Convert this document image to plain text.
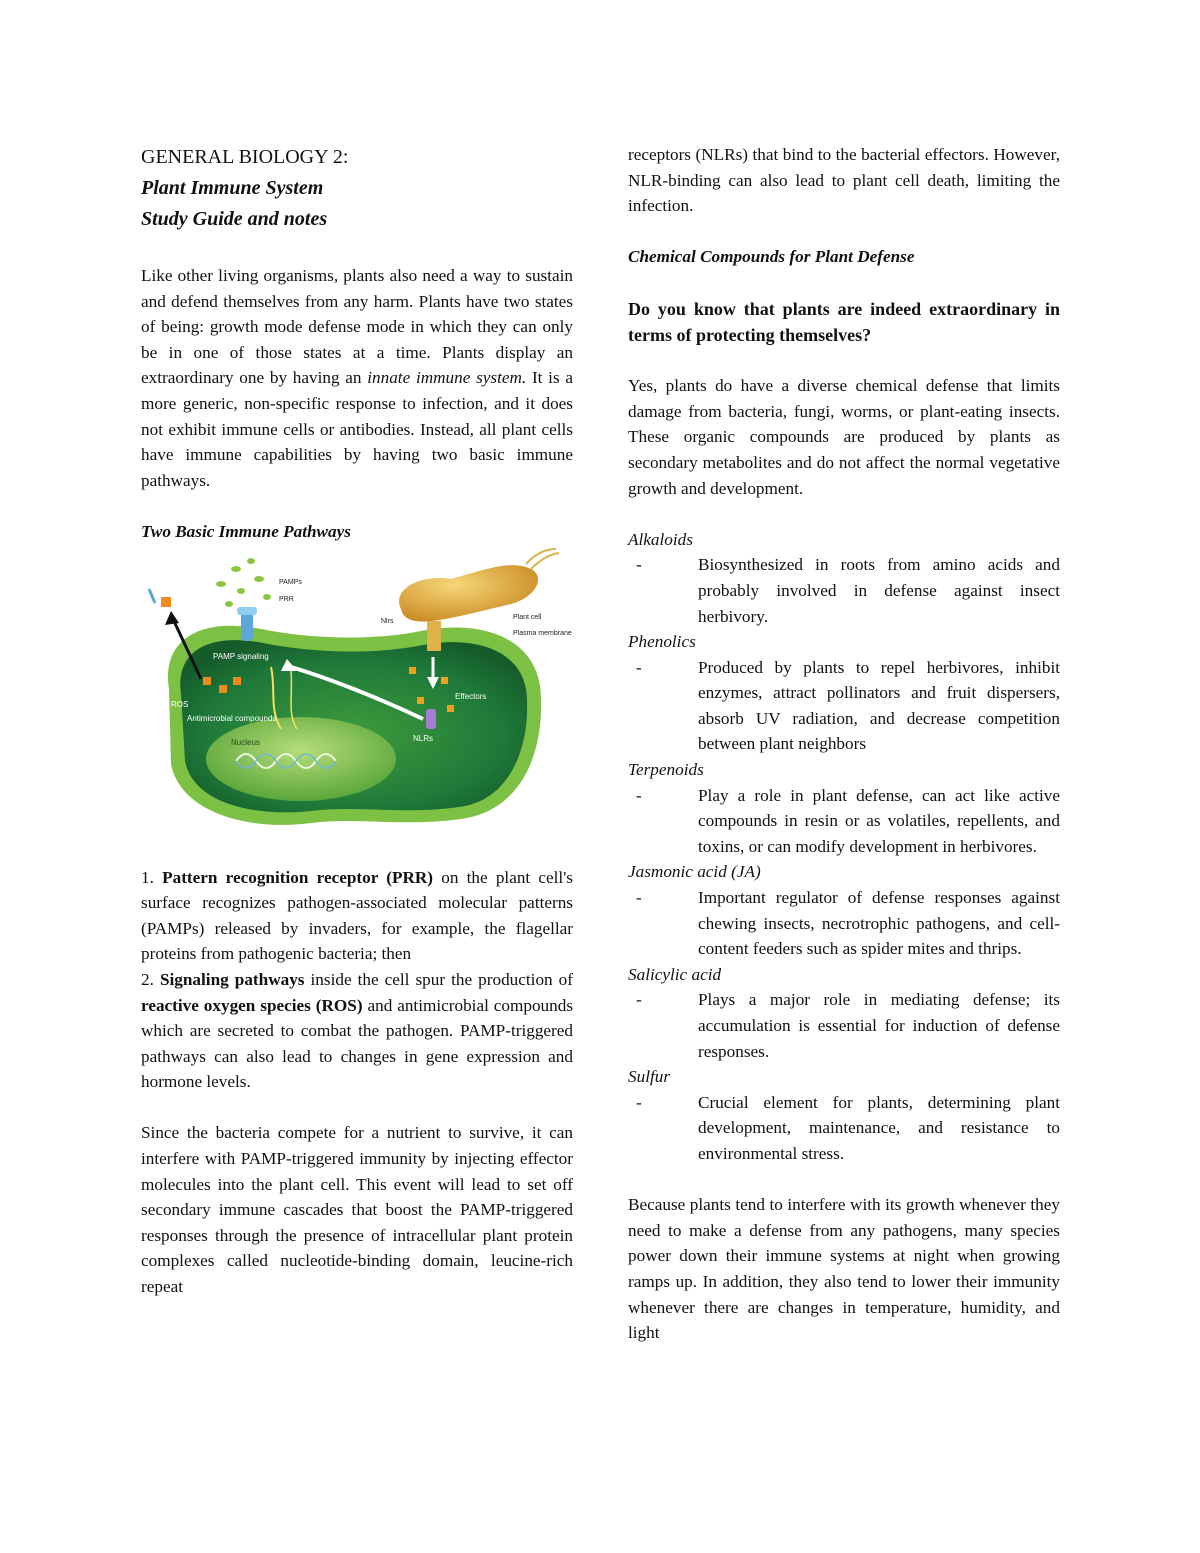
GENERAL BIOLOGY 2:
Plant Immune System
Study Guide and notes

Like other living organisms, plants also need a way to sustain and defend themselves from any harm. Plants have two states of being: growth mode defense mode in which they can only be in one of those states at a time. Plants display an extraordinary one by having an innate immune system. It is a more generic, non-specific response to infection, and it does not exhibit immune cells or antibodies. Instead, all plant cells have immune capabilities by having two basic immune pathways.

Two Basic Immune Pathways
PAMPs
PRR
Nlrs
Plant cell
Plasma membrane
PAMP signaling
ROS
Antimicrobial compounds
Effectors
NLRs
Nucleus

1. Pattern recognition receptor (PRR) on the plant cell's surface recognizes pathogen-associated molecular patterns (PAMPs) released by invaders, for example, the flagellar proteins from pathogenic bacteria; then

2. Signaling pathways inside the cell spur the production of reactive oxygen species (ROS) and antimicrobial compounds which are secreted to combat the pathogen. PAMP-triggered pathways can also lead to changes in gene expression and hormone levels.

Since the bacteria compete for a nutrient to survive, it can interfere with PAMP-triggered immunity by injecting effector molecules into the plant cell. This event will lead to set off secondary immune cascades that boost the PAMP-triggered responses through the presence of intracellular plant protein complexes called nucleotide-binding domain, leucine-rich repeat

receptors (NLRs) that bind to the bacterial effectors. However, NLR-binding can also lead to plant cell death, limiting the infection.

Chemical Compounds for Plant Defense

Do you know that plants are indeed extraordinary in terms of protecting themselves?

Yes, plants do have a diverse chemical defense that limits damage from bacteria, fungi, worms, or plant-eating insects. These organic compounds are produced by plants as secondary metabolites and do not affect the normal vegetative growth and development.

Alkaloids
-	Biosynthesized in roots from amino acids and probably involved in defense against insect herbivory.
Phenolics
-	Produced by plants to repel herbivores, inhibit enzymes, attract pollinators and fruit dispersers, absorb UV radiation, and decrease competition between plant neighbors
Terpenoids
-	Play a role in plant defense, can act like active compounds in resin or as volatiles, repellents, and toxins, or can modify development in herbivores.
Jasmonic acid (JA)
-	Important regulator of defense responses against chewing insects, necrotrophic pathogens, and cell-content feeders such as spider mites and thrips.
Salicylic acid
-	Plays a major role in mediating defense; its accumulation is essential for induction of defense responses.
Sulfur
-	Crucial element for plants, determining plant development, maintenance, and resistance to environmental stress.

Because plants tend to interfere with its growth whenever they need to make a defense from any pathogens, many species power down their immune systems at night when growing ramps up. In addition, they also tend to lower their immunity whenever there are changes in temperature, humidity, and light
